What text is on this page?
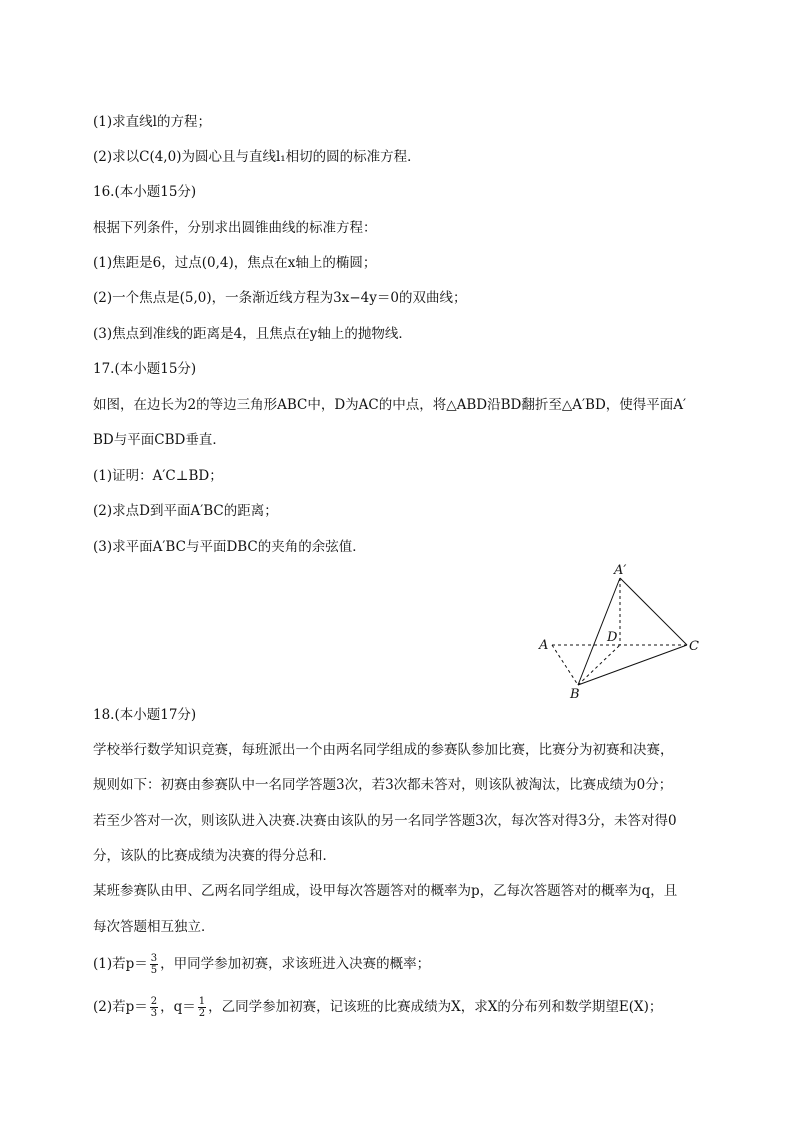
(1)求直线l的方程；
(2)求以C(4,0)为圆心且与直线l₁相切的圆的标准方程．
16.(本小题15分)
根据下列条件，分别求出圆锥曲线的标准方程：
(1)焦距是6，过点(0,4)，焦点在x轴上的椭圆；
(2)一个焦点是(5,0)，一条渐近线方程为3x−4y＝0的双曲线；
(3)焦点到准线的距离是4，且焦点在y轴上的抛物线．
17.(本小题15分)
如图，在边长为2的等边三角形ABC中，D为AC的中点，将△ABD沿BD翻折至△A′BD，使得平面A′
BD与平面CBD垂直．
(1)证明：A′C⊥BD；
(2)求点D到平面A′BC的距离；
(3)求平面A′BC与平面DBC的夹角的余弦值．
A′
A
D
C
B
18.(本小题17分)
学校举行数学知识竞赛，每班派出一个由两名同学组成的参赛队参加比赛，比赛分为初赛和决赛，
规则如下：初赛由参赛队中一名同学答题3次，若3次都未答对，则该队被淘汰，比赛成绩为0分；
若至少答对一次，则该队进入决赛.决赛由该队的另一名同学答题3次，每次答对得3分，未答对得0
分，该队的比赛成绩为决赛的得分总和．
某班参赛队由甲、乙两名同学组成，设甲每次答题答对的概率为p，乙每次答题答对的概率为q，且
每次答题相互独立．
(1)若$p= \frac{3}{5}$ ，甲同学参加初赛，求该班进入决赛的概率；
(2)若$p= \frac{2}{3}$ ，$q= \frac{1}{2}$ ，乙同学参加初赛，记该班的比赛成绩为X，求X的分布列和数学期望E(X)；
